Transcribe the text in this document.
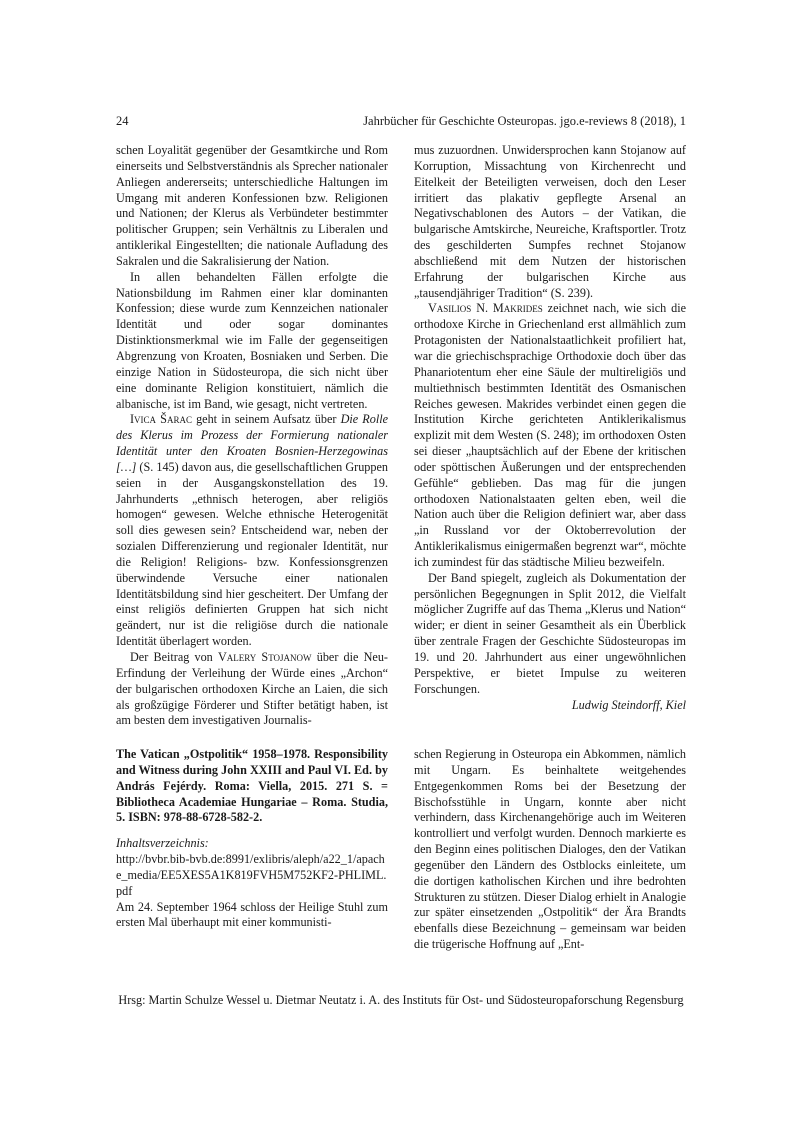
24	Jahrbücher für Geschichte Osteuropas. jgo.e-reviews 8 (2018), 1

schen Loyalität gegenüber der Gesamtkirche und Rom einerseits und Selbstverständnis als Sprecher nationaler Anliegen andererseits; unterschiedliche Haltungen im Umgang mit anderen Konfessionen bzw. Religionen und Nationen; der Klerus als Verbündeter bestimmter politischer Gruppen; sein Verhältnis zu Liberalen und antiklerikal Eingestellten; die nationale Aufladung des Sakralen und die Sakralisierung der Nation.

In allen behandelten Fällen erfolgte die Nationsbildung im Rahmen einer klar dominanten Konfession; diese wurde zum Kennzeichen nationaler Identität und oder sogar dominantes Distinktionsmerkmal wie im Falle der gegenseitigen Abgrenzung von Kroaten, Bosniaken und Serben. Die einzige Nation in Südosteuropa, die sich nicht über eine dominante Religion konstituiert, nämlich die albanische, ist im Band, wie gesagt, nicht vertreten.

Ivica Šarac geht in seinem Aufsatz über Die Rolle des Klerus im Prozess der Formierung nationaler Identität unter den Kroaten Bosnien-Herzegowinas […] (S. 145) davon aus, die gesellschaftlichen Gruppen seien in der Ausgangskonstellation des 19. Jahrhunderts „ethnisch heterogen, aber religiös homogen“ gewesen. Welche ethnische Heterogenität soll dies gewesen sein? Entscheidend war, neben der sozialen Differenzierung und regionaler Identität, nur die Religion! Religions- bzw. Konfessionsgrenzen überwindende Versuche einer nationalen Identitätsbildung sind hier gescheitert. Der Umfang der einst religiös definierten Gruppen hat sich nicht geändert, nur ist die religiöse durch die nationale Identität überlagert worden.

Der Beitrag von Valery Stojanow über die Neu-Erfindung der Verleihung der Würde eines „Archon“ der bulgarischen orthodoxen Kirche an Laien, die sich als großzügige Förderer und Stifter betätigt haben, ist am besten dem investigativen Journalis-

mus zuzuordnen. Unwidersprochen kann Stojanow auf Korruption, Missachtung von Kirchenrecht und Eitelkeit der Beteiligten verweisen, doch den Leser irritiert das plakativ gepflegte Arsenal an Negativschablonen des Autors – der Vatikan, die bulgarische Amtskirche, Neureiche, Kraftsportler. Trotz des geschilderten Sumpfes rechnet Stojanow abschließend mit dem Nutzen der historischen Erfahrung der bulgarischen Kirche aus „tausendjähriger Tradition“ (S. 239).

Vasilios N. Makrides zeichnet nach, wie sich die orthodoxe Kirche in Griechenland erst allmählich zum Protagonisten der Nationalstaatlichkeit profiliert hat, war die griechischsprachige Orthodoxie doch über das Phanariotentum eher eine Säule der multireligiös und multiethnisch bestimmten Identität des Osmanischen Reiches gewesen. Makrides verbindet einen gegen die Institution Kirche gerichteten Antiklerikalismus explizit mit dem Westen (S. 248); im orthodoxen Osten sei dieser „hauptsächlich auf der Ebene der kritischen oder spöttischen Äußerungen und der entsprechenden Gefühle“ geblieben. Das mag für die jungen orthodoxen Nationalstaaten gelten eben, weil die Nation auch über die Religion definiert war, aber dass „in Russland vor der Oktoberrevolution der Antiklerikalismus einigermaßen begrenzt war“, möchte ich zumindest für das städtische Milieu bezweifeln.

Der Band spiegelt, zugleich als Dokumentation der persönlichen Begegnungen in Split 2012, die Vielfalt möglicher Zugriffe auf das Thema „Klerus und Nation“ wider; er dient in seiner Gesamtheit als ein Überblick über zentrale Fragen der Geschichte Südosteuropas im 19. und 20. Jahrhundert aus einer ungewöhnlichen Perspektive, er bietet Impulse zu weiteren Forschungen.

Ludwig Steindorff, Kiel

The Vatican „Ostpolitik“ 1958–1978. Responsibility and Witness during John XXIII and Paul VI. Ed. by András Fejérdy. Roma: Viella, 2015. 271 S. = Bibliotheca Academiae Hungariae – Roma. Studia, 5. ISBN: 978-88-6728-582-2.

Inhaltsverzeichnis:
http://bvbr.bib-bvb.de:8991/exlibris/aleph/a22_1/apache_media/EE5XES5A1K819FVH5M752KF2-PHLIML.pdf

Am 24. September 1964 schloss der Heilige Stuhl zum ersten Mal überhaupt mit einer kommunisti-

schen Regierung in Osteuropa ein Abkommen, nämlich mit Ungarn. Es beinhaltete weitgehendes Entgegenkommen Roms bei der Besetzung der Bischofsstühle in Ungarn, konnte aber nicht verhindern, dass Kirchenangehörige auch im Weiteren kontrolliert und verfolgt wurden. Dennoch markierte es den Beginn eines politischen Dialoges, den der Vatikan gegenüber den Ländern des Ostblocks einleitete, um die dortigen katholischen Kirchen und ihre bedrohten Strukturen zu stützen. Dieser Dialog erhielt in Analogie zur später einsetzenden „Ostpolitik“ der Ära Brandts ebenfalls diese Bezeichnung – gemeinsam war beiden die trügerische Hoffnung auf „Ent-

Hrsg: Martin Schulze Wessel u. Dietmar Neutatz i. A. des Instituts für Ost- und Südosteuropaforschung Regensburg
